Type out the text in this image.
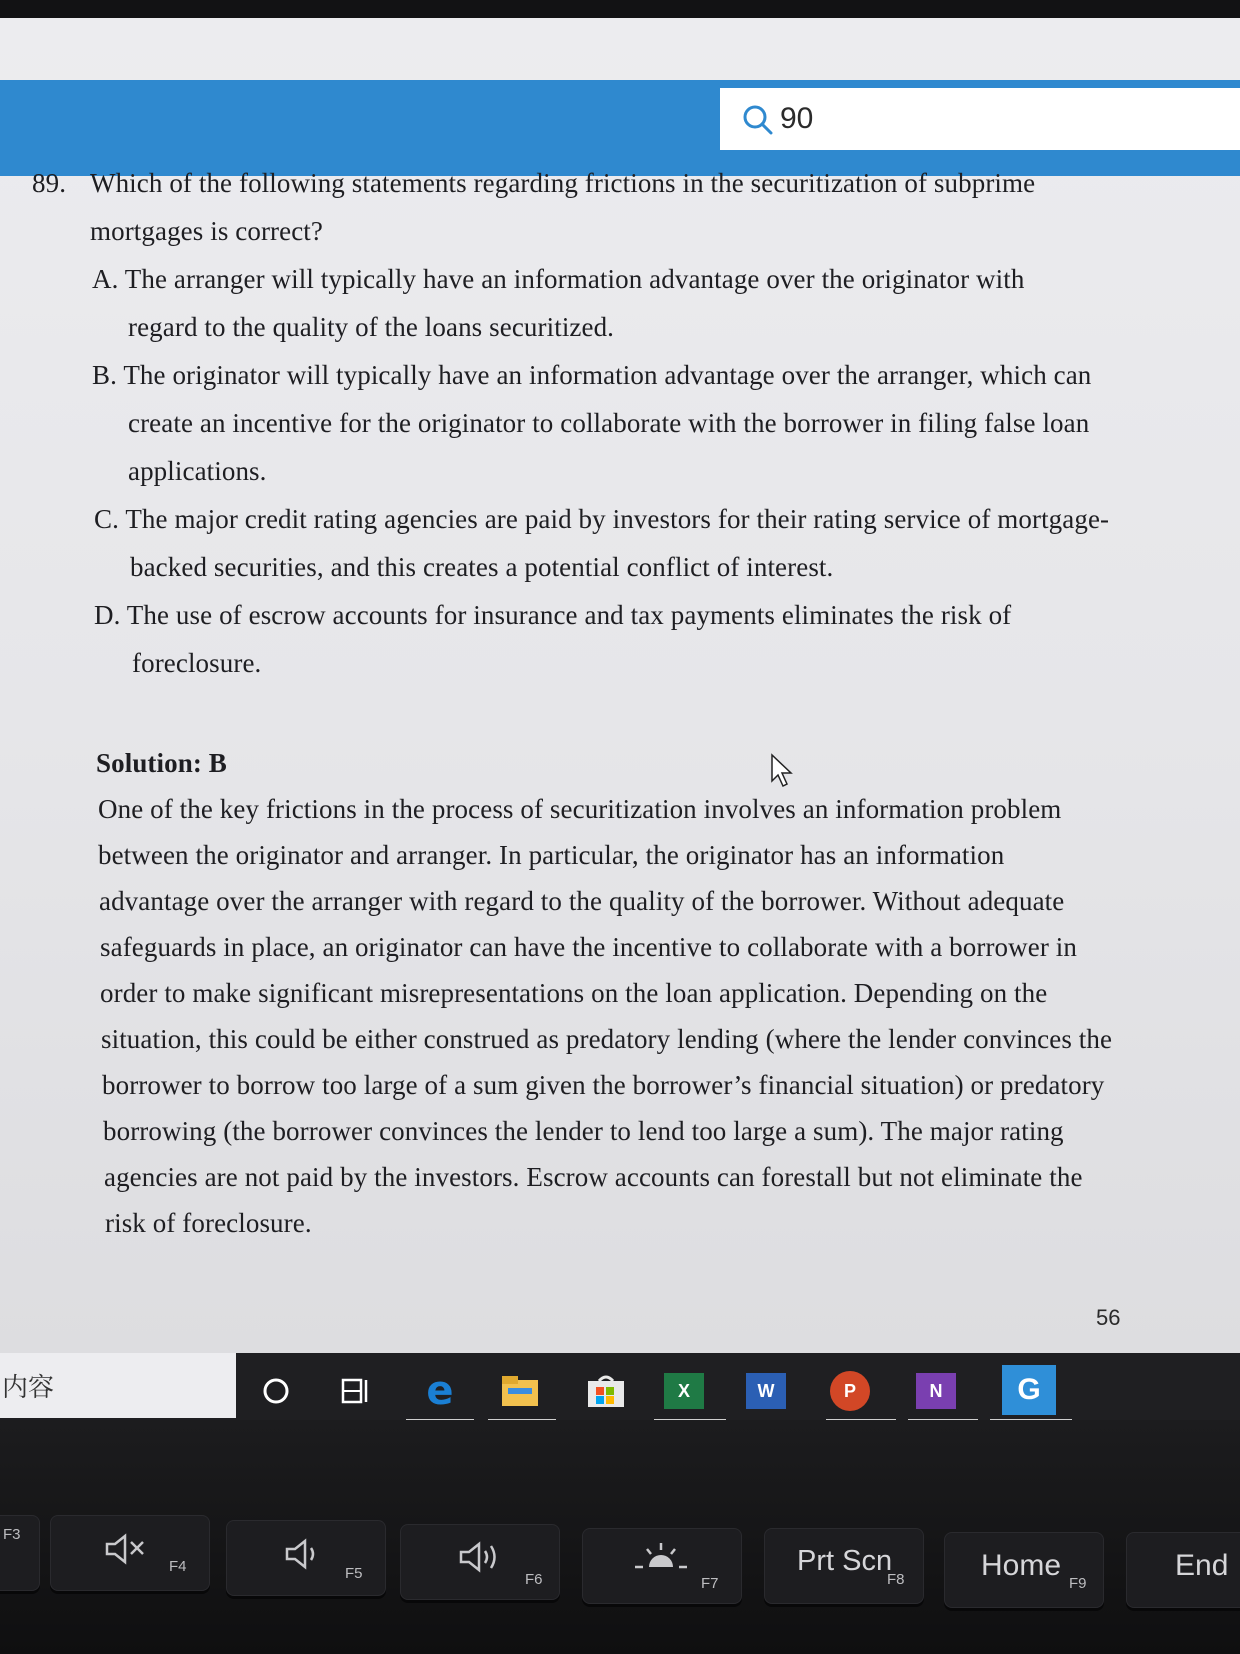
90
89. Which of the following statements regarding frictions in the securitization of subprime
mortgages is correct?
A. The arranger will typically have an information advantage over the originator with
regard to the quality of the loans securitized.
B. The originator will typically have an information advantage over the arranger, which can
create an incentive for the originator to collaborate with the borrower in filing false loan
applications.
C. The major credit rating agencies are paid by investors for their rating service of mortgage-
backed securities, and this creates a potential conflict of interest.
D. The use of escrow accounts for insurance and tax payments eliminates the risk of
foreclosure.
Solution: B
One of the key frictions in the process of securitization involves an information problem
between the originator and arranger. In particular, the originator has an information
advantage over the arranger with regard to the quality of the borrower. Without adequate
safeguards in place, an originator can have the incentive to collaborate with a borrower in
order to make significant misrepresentations on the loan application. Depending on the
situation, this could be either construed as predatory lending (where the lender convinces the
borrower to borrow too large of a sum given the borrower’s financial situation) or predatory
borrowing (the borrower convinces the lender to lend too large a sum). The major rating
agencies are not paid by the investors. Escrow accounts can forestall but not eliminate the
risk of foreclosure.
56
内容	e	X	W	P	N	G
F3
F4	F5	F6	F7
Prt Scn
F8	Home
F9
End
